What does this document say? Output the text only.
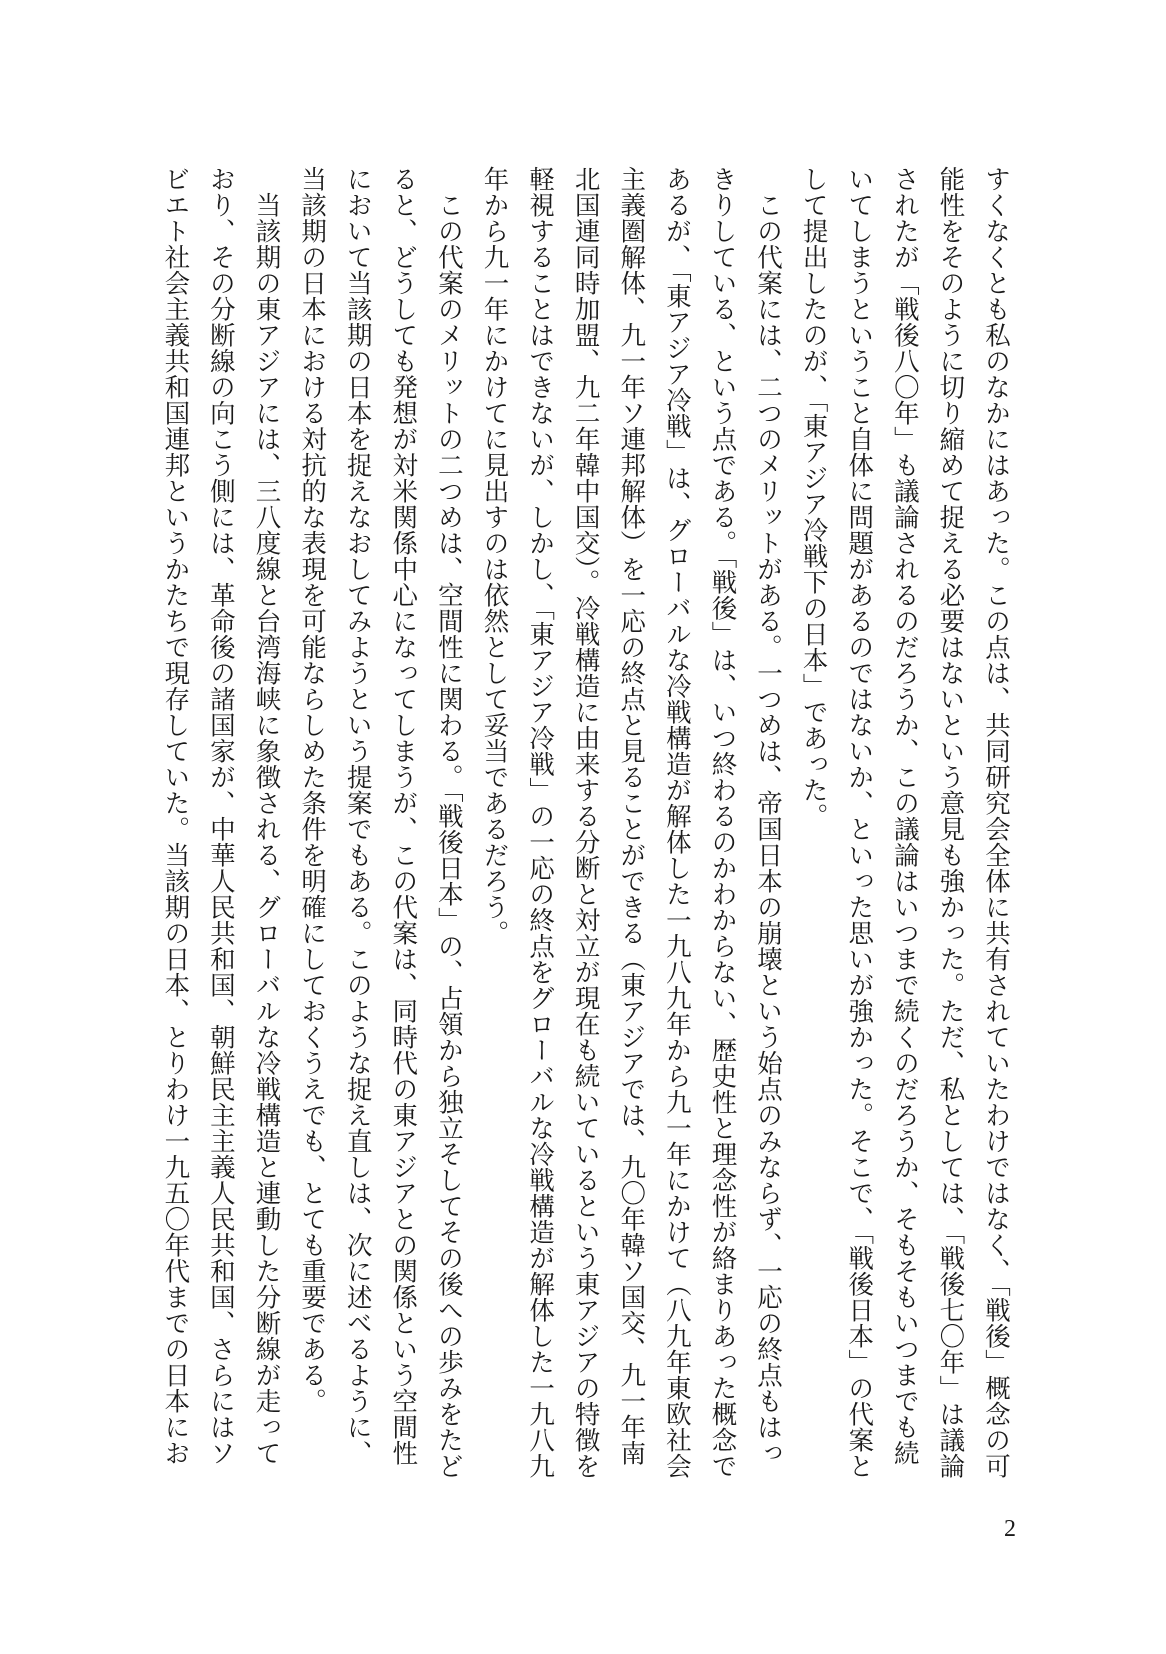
すくなくとも私のなかにはあった。この点は、共同研究会全体に共有されていたわけではなく、「戦後」概念の可
能性をそのように切り縮めて捉える必要はないという意見も強かった。ただ、私としては、「戦後七〇年」は議論
されたが「戦後八〇年」も議論されるのだろうか、この議論はいつまで続くのだろうか、そもそもいつまでも続
いてしまうということ自体に問題があるのではないか、といった思いが強かった。そこで、「戦後日本」の代案と
して提出したのが、「東アジア冷戦下の日本」であった。
　この代案には、二つのメリットがある。一つめは、帝国日本の崩壊という始点のみならず、一応の終点もはっ
きりしている、という点である。「戦後」は、いつ終わるのかわからない、歴史性と理念性が絡まりあった概念で
あるが、「東アジア冷戦」は、グローバルな冷戦構造が解体した一九八九年から九一年にかけて（八九年東欧社会
主義圏解体、九一年ソ連邦解体）を一応の終点と見ることができる（東アジアでは、九〇年韓ソ国交、九一年南
北国連同時加盟、九二年韓中国交）。冷戦構造に由来する分断と対立が現在も続いているという東アジアの特徴を
軽視することはできないが、しかし、「東アジア冷戦」の一応の終点をグローバルな冷戦構造が解体した一九八九
年から九一年にかけてに見出すのは依然として妥当であるだろう。
　この代案のメリットの二つめは、空間性に関わる。「戦後日本」の、占領から独立そしてその後への歩みをたど
ると、どうしても発想が対米関係中心になってしまうが、この代案は、同時代の東アジアとの関係という空間性
において当該期の日本を捉えなおしてみようという提案でもある。このような捉え直しは、次に述べるように、
当該期の日本における対抗的な表現を可能ならしめた条件を明確にしておくうえでも、とても重要である。
　当該期の東アジアには、三八度線と台湾海峡に象徴される、グローバルな冷戦構造と連動した分断線が走って
おり、その分断線の向こう側には、革命後の諸国家が、中華人民共和国、朝鮮民主主義人民共和国、さらにはソ
ビエト社会主義共和国連邦というかたちで現存していた。当該期の日本、とりわけ一九五〇年代までの日本にお
2
